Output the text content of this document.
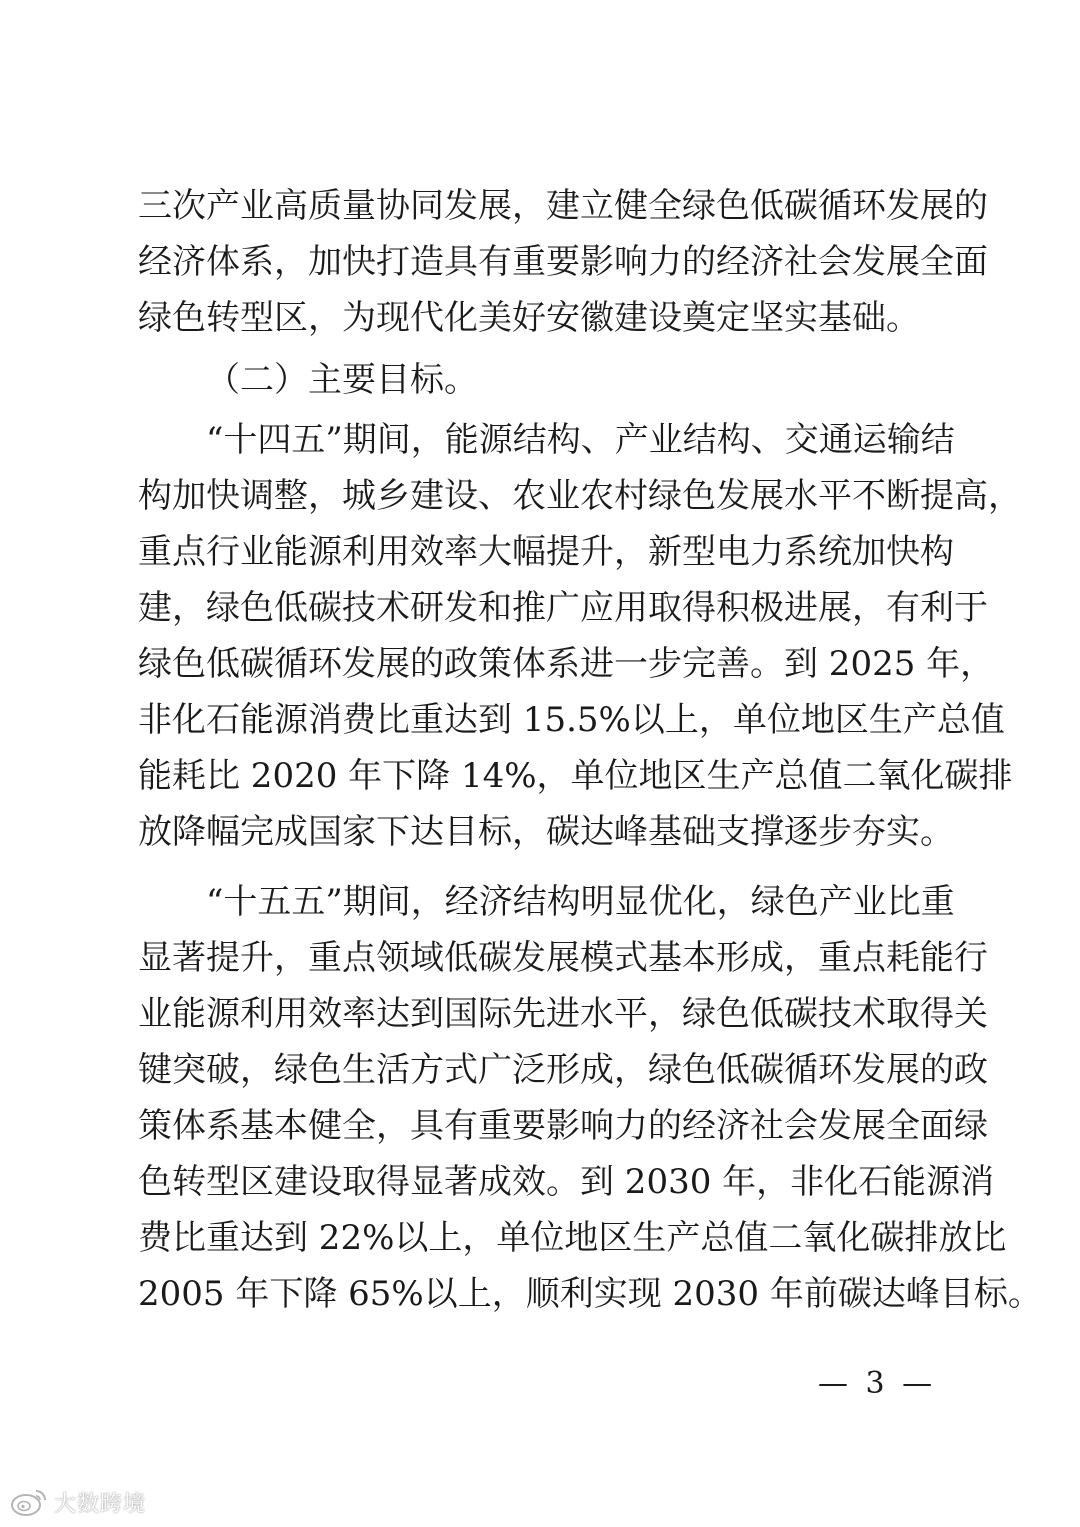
三次产业高质量协同发展，建立健全绿色低碳循环发展的
经济体系，加快打造具有重要影响力的经济社会发展全面
绿色转型区，为现代化美好安徽建设奠定坚实基础。
（二）主要目标。
“十四五”期间，能源结构、产业结构、交通运输结
构加快调整，城乡建设、农业农村绿色发展水平不断提高，
重点行业能源利用效率大幅提升，新型电力系统加快构
建，绿色低碳技术研发和推广应用取得积极进展，有利于
绿色低碳循环发展的政策体系进一步完善。到 2025 年，
非化石能源消费比重达到 15.5%以上，单位地区生产总值
能耗比 2020 年下降 14%，单位地区生产总值二氧化碳排
放降幅完成国家下达目标，碳达峰基础支撑逐步夯实。
“十五五”期间，经济结构明显优化，绿色产业比重
显著提升，重点领域低碳发展模式基本形成，重点耗能行
业能源利用效率达到国际先进水平，绿色低碳技术取得关
键突破，绿色生活方式广泛形成，绿色低碳循环发展的政
策体系基本健全，具有重要影响力的经济社会发展全面绿
色转型区建设取得显著成效。到 2030 年，非化石能源消
费比重达到 22%以上，单位地区生产总值二氧化碳排放比
2005 年下降 65%以上，顺利实现 2030 年前碳达峰目标。
— 3 —
大数跨境
